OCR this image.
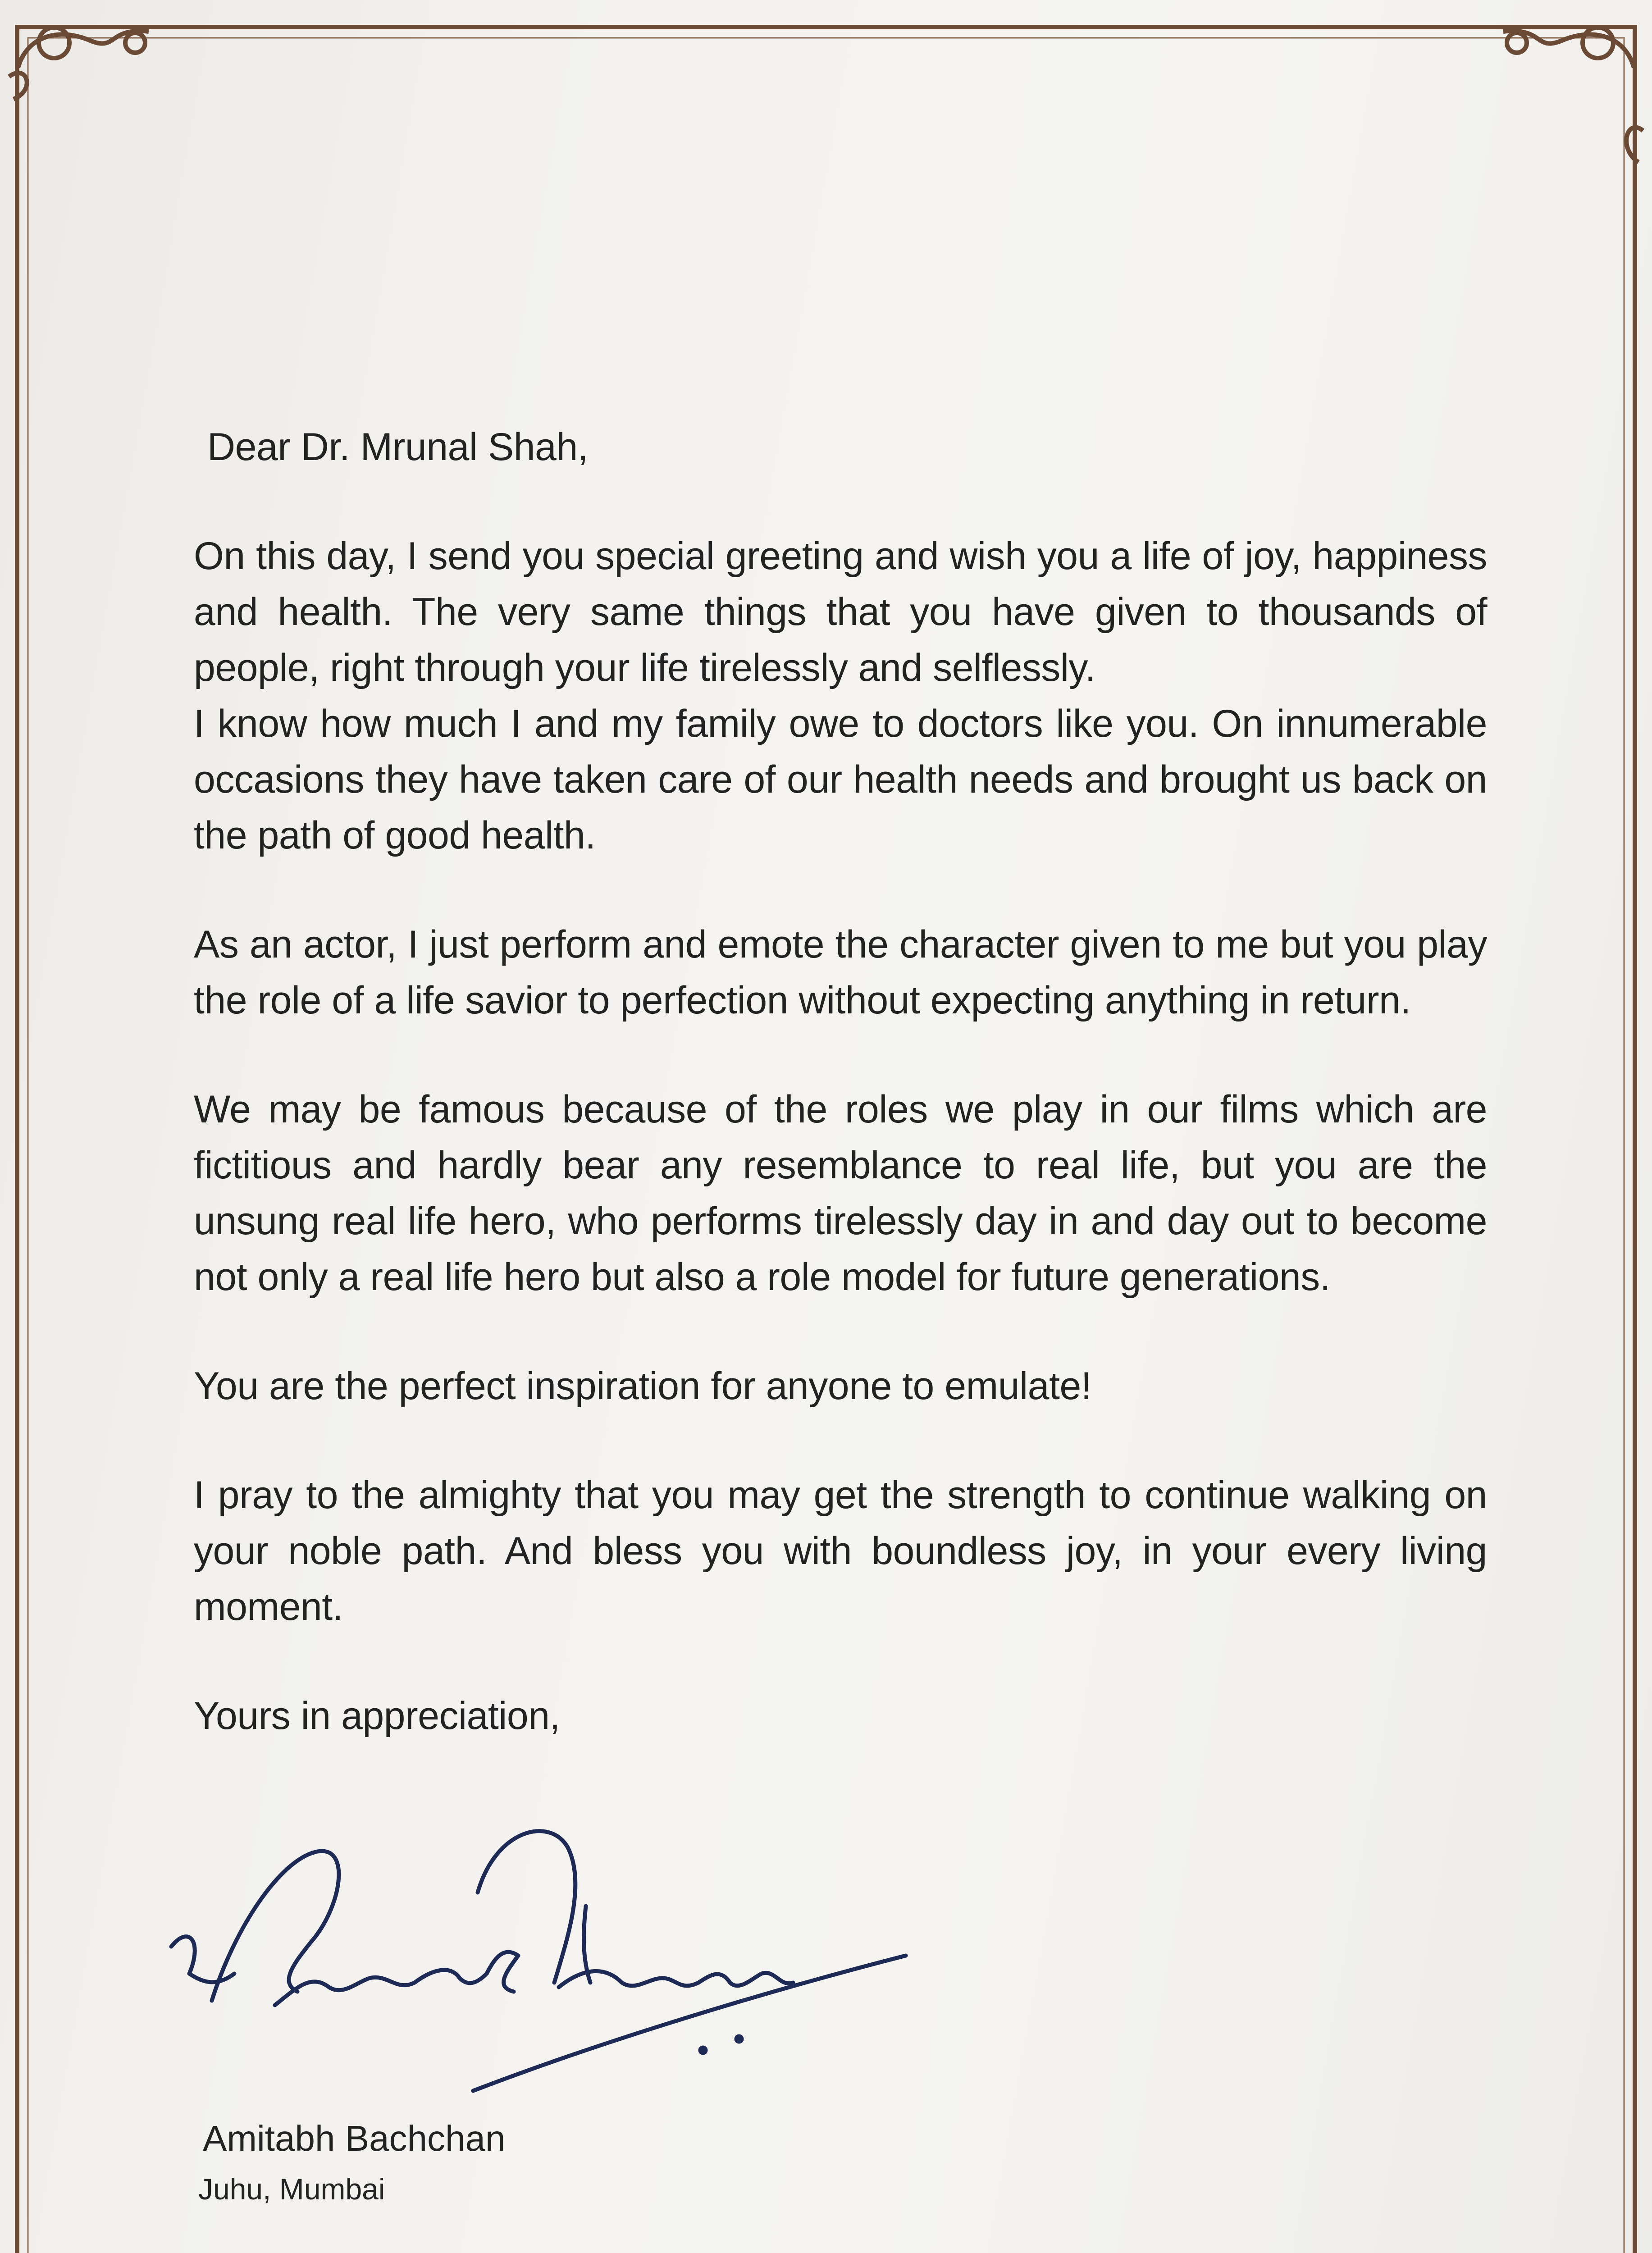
Dear Dr. Mrunal Shah,

On this day, I send you special greeting and wish you a life of joy, happiness and health. The very same things that you have given to thousands of people, right through your life tirelessly and selflessly.

I know how much I and my family owe to doctors like you. On innumerable occasions they have taken care of our health needs and brought us back on the path of good health.

As an actor, I just perform and emote the character given to me but you play the role of a life savior to perfection without expecting anything in return.

We may be famous because of the roles we play in our films which are fictitious and hardly bear any resemblance to real life, but you are the unsung real life hero, who performs tirelessly day in and day out to become not only a real life hero but also a role model for future generations.

You are the perfect inspiration for anyone to emulate!

I pray to the almighty that you may get the strength to continue walking on your noble path. And bless you with boundless joy, in your every living moment.

Yours in appreciation,

Amitabh Bachchan
Juhu, Mumbai
